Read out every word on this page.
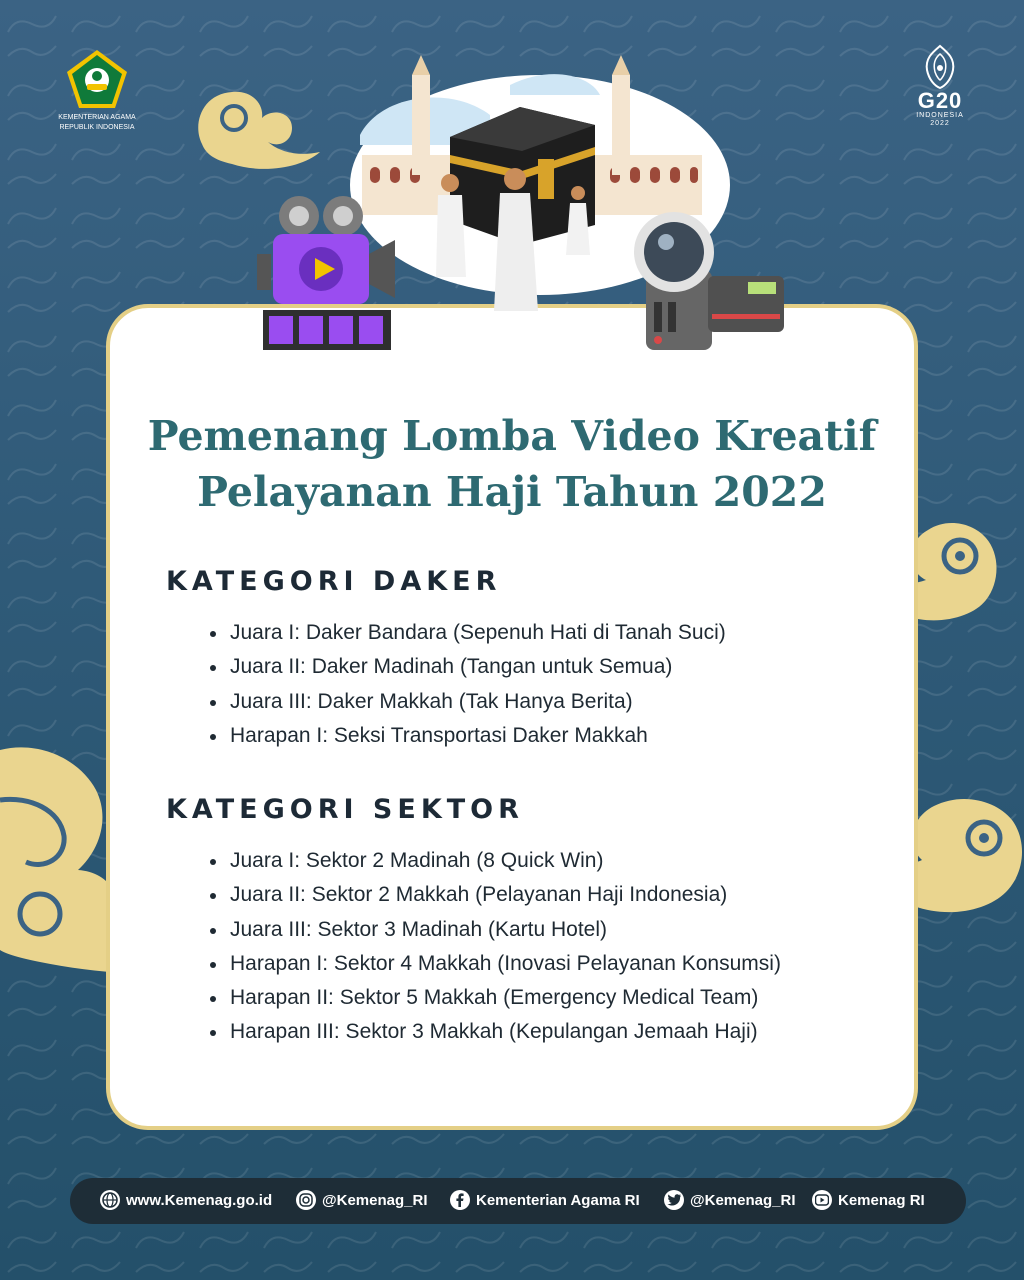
KEMENTERIAN AGAMA
REPUBLIK INDONESIA
G20
INDONESIA
2022
Pemenang Lomba Video Kreatif
Pelayanan Haji Tahun 2022
KATEGORI DAKER
Juara I: Daker Bandara (Sepenuh Hati di Tanah Suci)
Juara II: Daker Madinah (Tangan untuk Semua)
Juara III: Daker Makkah (Tak Hanya Berita)
Harapan I: Seksi Transportasi Daker Makkah
KATEGORI SEKTOR
Juara I: Sektor 2 Madinah (8 Quick Win)
Juara II: Sektor 2 Makkah (Pelayanan Haji Indonesia)
Juara III: Sektor 3 Madinah (Kartu Hotel)
Harapan I: Sektor 4 Makkah (Inovasi Pelayanan Konsumsi)
Harapan II: Sektor 5 Makkah (Emergency Medical Team)
Harapan III: Sektor 3 Makkah (Kepulangan Jemaah Haji)
www.Kemenag.go.id	@Kemenag_RI	Kementerian Agama RI	@Kemenag_RI	Kemenag RI
